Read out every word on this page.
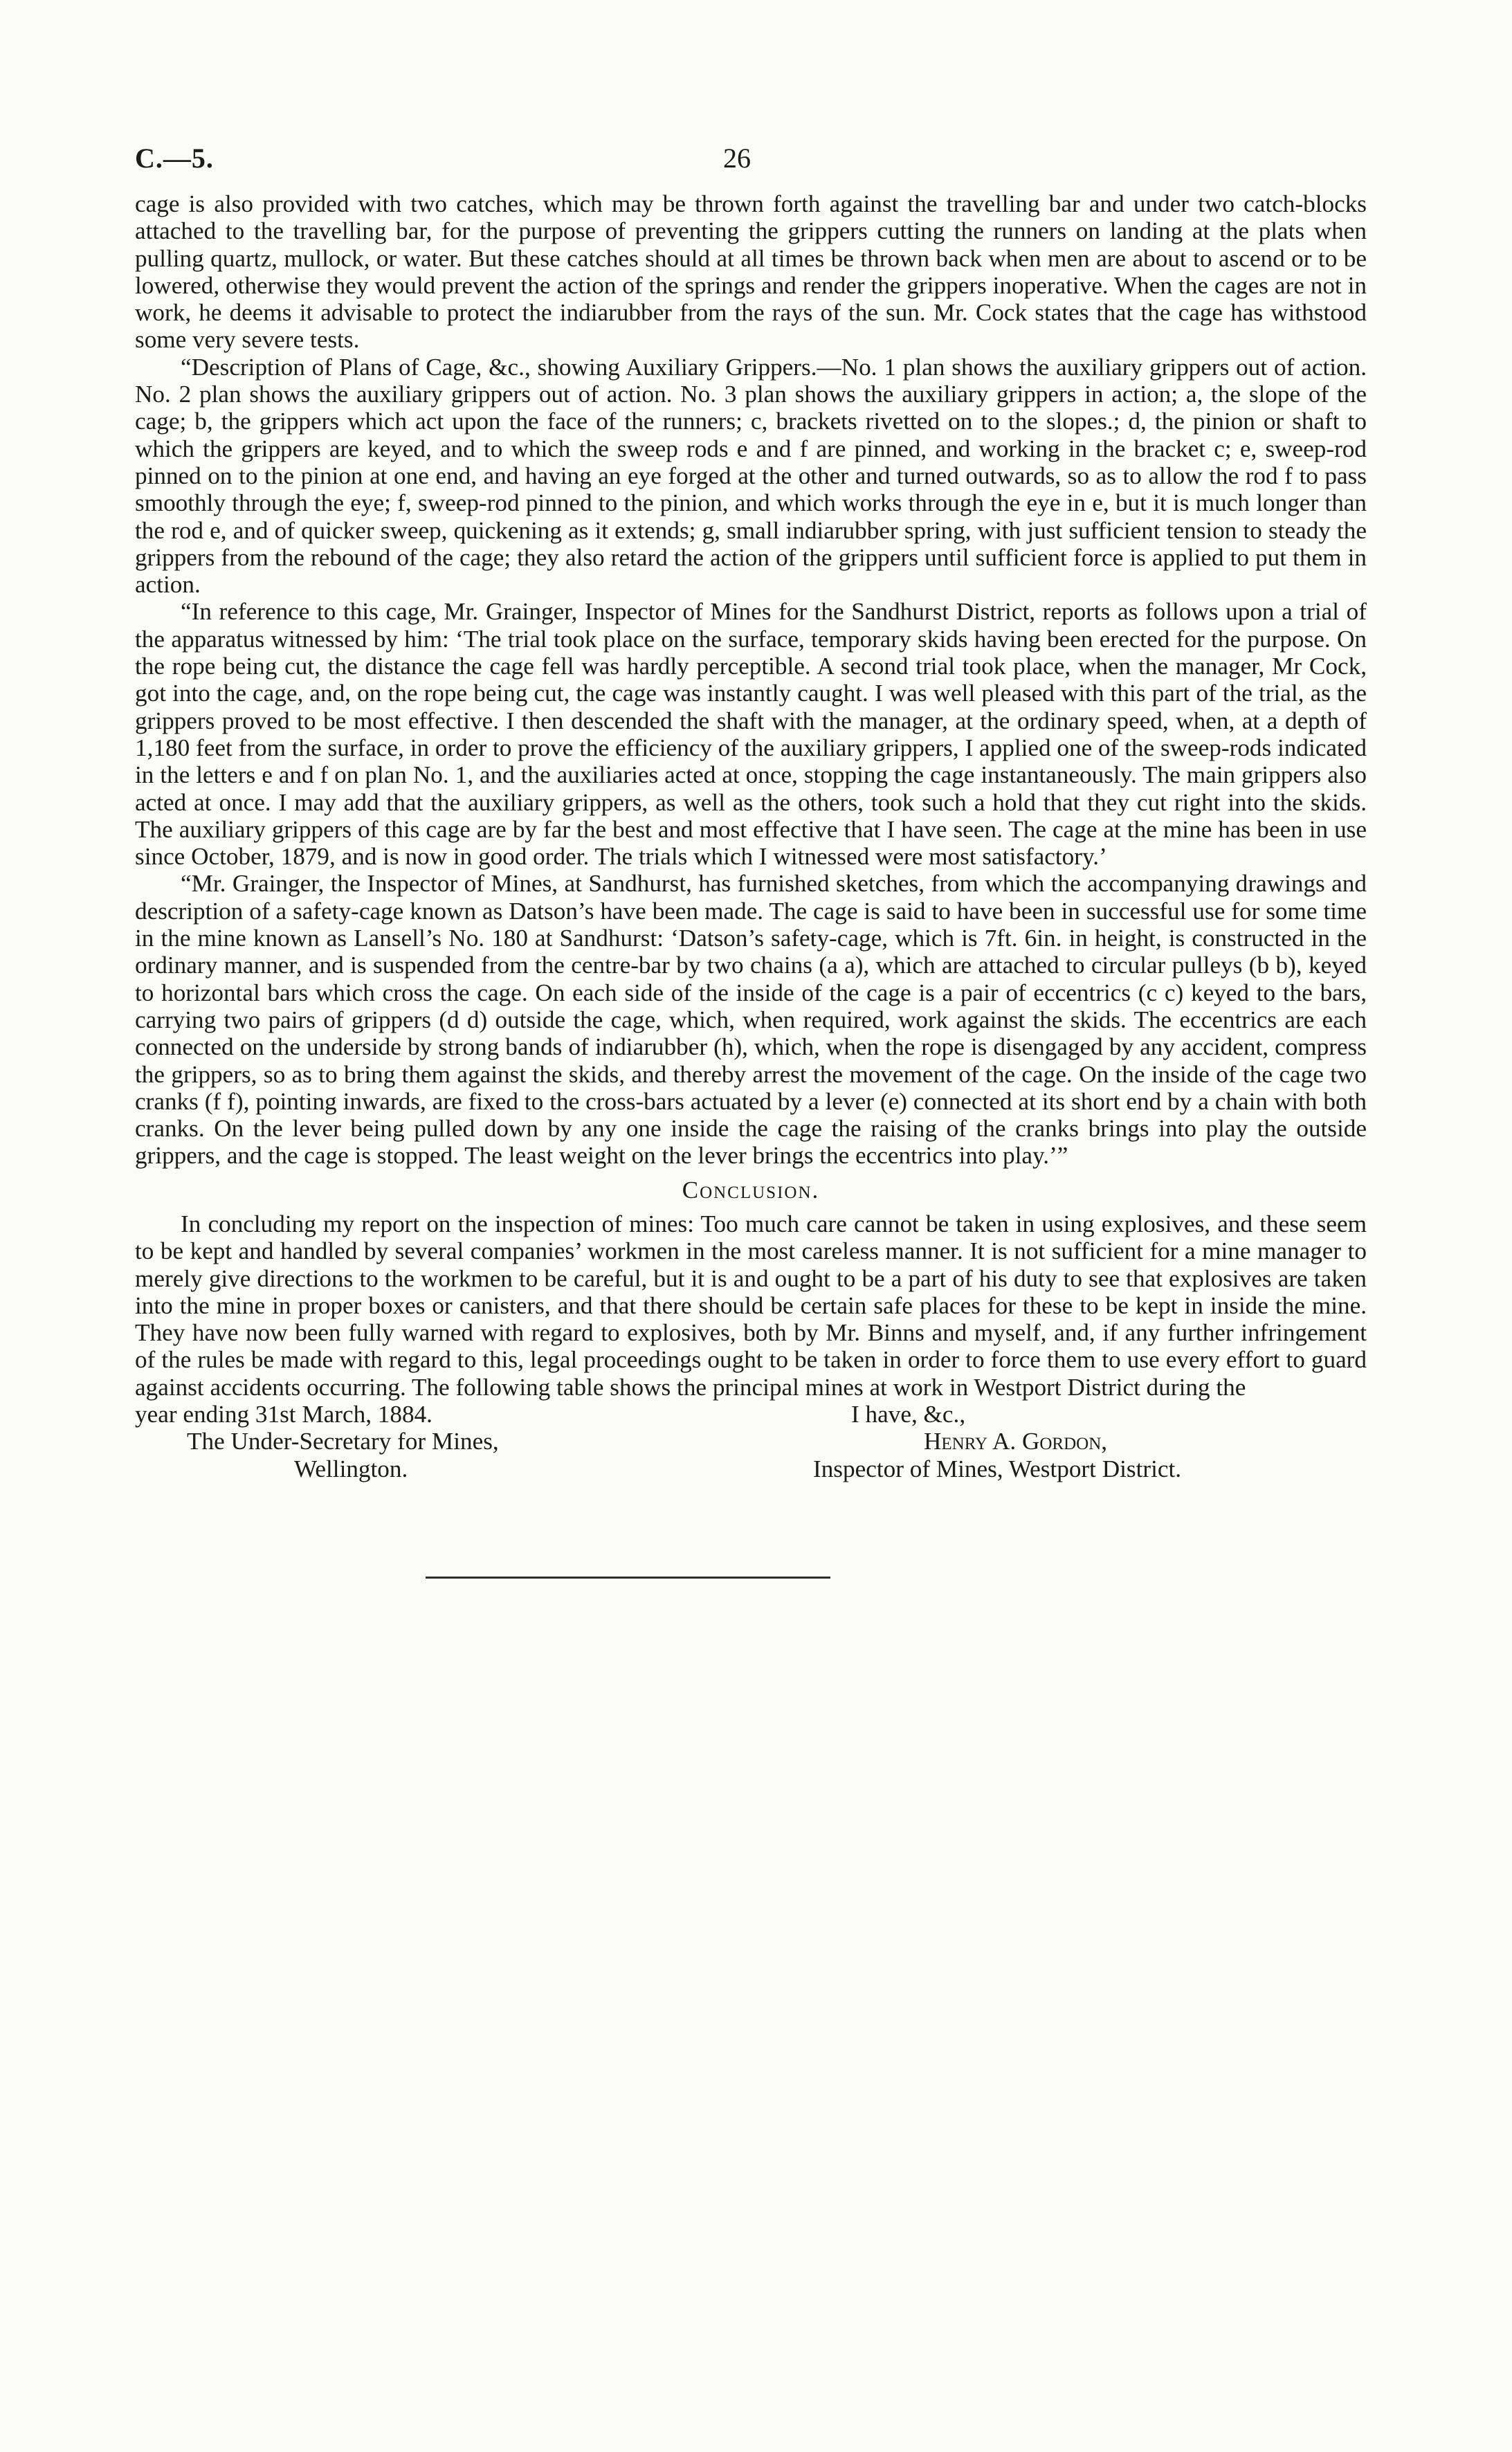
C.—5.	26

cage is also provided with two catches, which may be thrown forth against the travelling bar and under two catch-blocks attached to the travelling bar, for the purpose of preventing the grippers cutting the runners on landing at the plats when pulling quartz, mullock, or water. But these catches should at all times be thrown back when men are about to ascend or to be lowered, otherwise they would prevent the action of the springs and render the grippers inoperative. When the cages are not in work, he deems it advisable to protect the indiarubber from the rays of the sun. Mr. Cock states that the cage has withstood some very severe tests.

“Description of Plans of Cage, &c., showing Auxiliary Grippers.—No. 1 plan shows the auxiliary grippers out of action. No. 2 plan shows the auxiliary grippers out of action. No. 3 plan shows the auxiliary grippers in action; a, the slope of the cage; b, the grippers which act upon the face of the runners; c, brackets rivetted on to the slopes.; d, the pinion or shaft to which the grippers are keyed, and to which the sweep rods e and f are pinned, and working in the bracket c; e, sweep-rod pinned on to the pinion at one end, and having an eye forged at the other and turned outwards, so as to allow the rod f to pass smoothly through the eye; f, sweep-rod pinned to the pinion, and which works through the eye in e, but it is much longer than the rod e, and of quicker sweep, quickening as it extends; g, small indiarubber spring, with just sufficient tension to steady the grippers from the rebound of the cage; they also retard the action of the grippers until sufficient force is applied to put them in action.

“In reference to this cage, Mr. Grainger, Inspector of Mines for the Sandhurst District, reports as follows upon a trial of the apparatus witnessed by him: ‘The trial took place on the surface, temporary skids having been erected for the purpose. On the rope being cut, the distance the cage fell was hardly perceptible. A second trial took place, when the manager, Mr Cock, got into the cage, and, on the rope being cut, the cage was instantly caught. I was well pleased with this part of the trial, as the grippers proved to be most effective. I then descended the shaft with the manager, at the ordinary speed, when, at a depth of 1,180 feet from the surface, in order to prove the efficiency of the auxiliary grippers, I applied one of the sweep-rods indicated in the letters e and f on plan No. 1, and the auxiliaries acted at once, stopping the cage instantaneously. The main grippers also acted at once. I may add that the auxiliary grippers, as well as the others, took such a hold that they cut right into the skids. The auxiliary grippers of this cage are by far the best and most effective that I have seen. The cage at the mine has been in use since October, 1879, and is now in good order. The trials which I witnessed were most satisfactory.’

“Mr. Grainger, the Inspector of Mines, at Sandhurst, has furnished sketches, from which the accompanying drawings and description of a safety-cage known as Datson’s have been made. The cage is said to have been in successful use for some time in the mine known as Lansell’s No. 180 at Sandhurst: ‘Datson’s safety-cage, which is 7ft. 6in. in height, is constructed in the ordinary manner, and is suspended from the centre-bar by two chains (a a), which are attached to circular pulleys (b b), keyed to horizontal bars which cross the cage. On each side of the inside of the cage is a pair of eccentrics (c c) keyed to the bars, carrying two pairs of grippers (d d) outside the cage, which, when required, work against the skids. The eccentrics are each connected on the underside by strong bands of indiarubber (h), which, when the rope is disengaged by any accident, compress the grippers, so as to bring them against the skids, and thereby arrest the movement of the cage. On the inside of the cage two cranks (f f), pointing inwards, are fixed to the cross-bars actuated by a lever (e) connected at its short end by a chain with both cranks. On the lever being pulled down by any one inside the cage the raising of the cranks brings into play the outside grippers, and the cage is stopped. The least weight on the lever brings the eccentrics into play.’”

Conclusion.

In concluding my report on the inspection of mines: Too much care cannot be taken in using explosives, and these seem to be kept and handled by several companies’ workmen in the most careless manner. It is not sufficient for a mine manager to merely give directions to the workmen to be careful, but it is and ought to be a part of his duty to see that explosives are taken into the mine in proper boxes or canisters, and that there should be certain safe places for these to be kept in inside the mine. They have now been fully warned with regard to explosives, both by Mr. Binns and myself, and, if any further infringement of the rules be made with regard to this, legal proceedings ought to be taken in order to force them to use every effort to guard against accidents occurring. The following table shows the principal mines at work in Westport District during the

year ending 31st March, 1884.	I have, &c.,
The Under-Secretary for Mines,	Henry A. Gordon,
Wellington.	Inspector of Mines, Westport District.
